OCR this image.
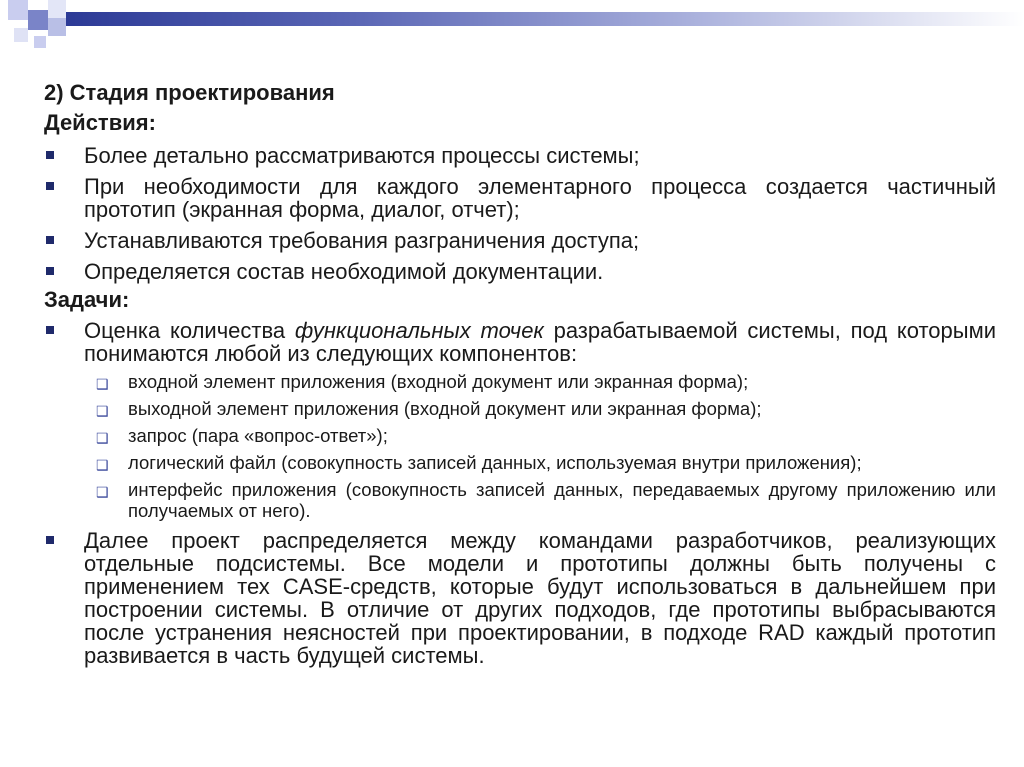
2) Стадия проектирования

Действия:

Более детально рассматриваются процессы системы;

При необходимости для каждого элементарного процесса создается частичный прототип (экранная форма, диалог, отчет);

Устанавливаются требования разграничения доступа;

Определяется состав необходимой документации.

Задачи:

Оценка количества функциональных точек разрабатываемой системы, под которыми понимаются любой из следующих компонентов:

❑ входной элемент приложения (входной документ или экранная форма);

❑ выходной элемент приложения (входной документ или экранная форма);

❑ запрос (пара «вопрос-ответ»);

❑ логический файл (совокупность записей данных, используемая внутри приложения);

❑ интерфейс приложения (совокупность записей данных, передаваемых другому приложению или получаемых от него).

Далее проект распределяется между командами разработчиков, реализующих отдельные подсистемы. Все модели и прототипы должны быть получены с применением тех CASE-средств, которые будут использоваться в дальнейшем при построении системы. В отличие от других подходов, где прототипы выбрасываются после устранения неясностей при проектировании, в подходе RAD каждый прототип развивается в часть будущей системы.
